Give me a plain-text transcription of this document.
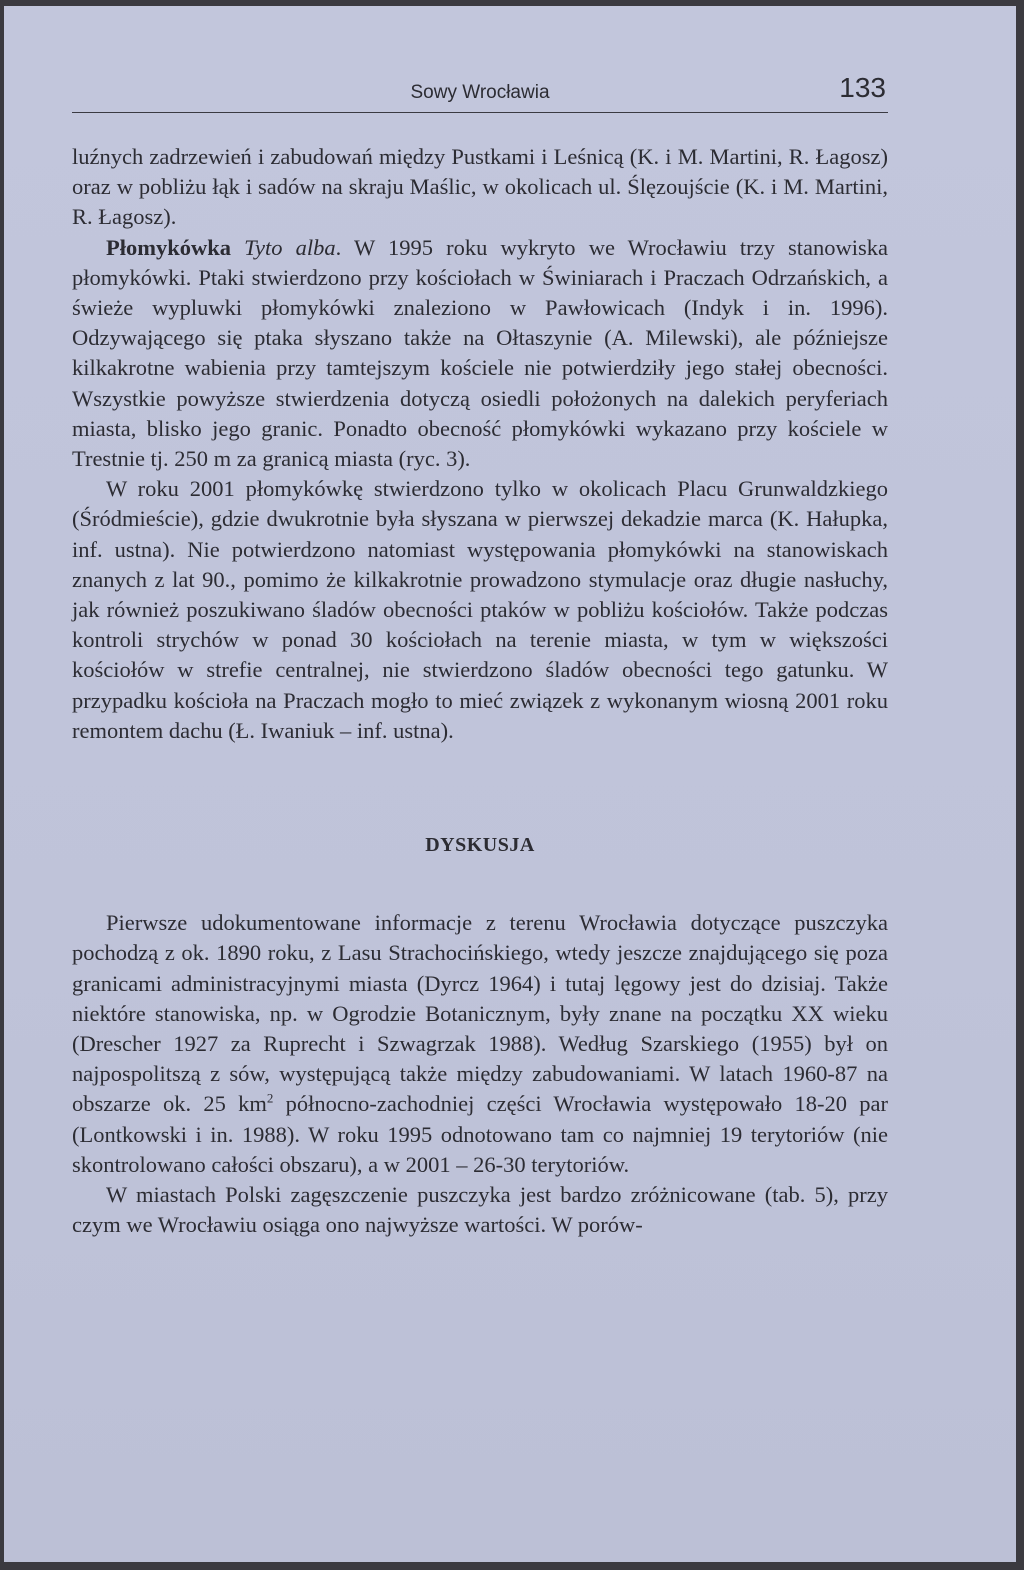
Sowy Wrocławia	133

luźnych zadrzewień i zabudowań między Pustkami i Leśnicą (K. i M. Martini, R. Łagosz) oraz w pobliżu łąk i sadów na skraju Maślic, w okolicach ul. Ślęzoujście (K. i M. Martini, R. Łagosz).

Płomykówka Tyto alba. W 1995 roku wykryto we Wrocławiu trzy stanowiska płomykówki. Ptaki stwierdzono przy kościołach w Świniarach i Praczach Odrzańskich, a świeże wypluwki płomykówki znaleziono w Pawłowicach (Indyk i in. 1996). Odzywającego się ptaka słyszano także na Ołtaszynie (A. Milewski), ale późniejsze kilkakrotne wabienia przy tamtejszym kościele nie potwierdziły jego stałej obecności. Wszystkie powyższe stwierdzenia dotyczą osiedli położonych na dalekich peryferiach miasta, blisko jego granic. Ponadto obecność płomykówki wykazano przy kościele w Trestnie tj. 250 m za granicą miasta (ryc. 3).

W roku 2001 płomykówkę stwierdzono tylko w okolicach Placu Grunwaldzkiego (Śródmieście), gdzie dwukrotnie była słyszana w pierwszej dekadzie marca (K. Hałupka, inf. ustna). Nie potwierdzono natomiast występowania płomykówki na stanowiskach znanych z lat 90., pomimo że kilkakrotnie prowadzono stymulacje oraz długie nasłuchy, jak również poszukiwano śladów obecności ptaków w pobliżu kościołów. Także podczas kontroli strychów w ponad 30 kościołach na terenie miasta, w tym w większości kościołów w strefie centralnej, nie stwierdzono śladów obecności tego gatunku. W przypadku kościoła na Praczach mogło to mieć związek z wykonanym wiosną 2001 roku remontem dachu (Ł. Iwaniuk – inf. ustna).

DYSKUSJA

Pierwsze udokumentowane informacje z terenu Wrocławia dotyczące puszczyka pochodzą z ok. 1890 roku, z Lasu Strachocińskiego, wtedy jeszcze znajdującego się poza granicami administracyjnymi miasta (Dyrcz 1964) i tutaj lęgowy jest do dzisiaj. Także niektóre stanowiska, np. w Ogrodzie Botanicznym, były znane na początku XX wieku (Drescher 1927 za Ruprecht i Szwagrzak 1988). Według Szarskiego (1955) był on najpospolitszą z sów, występującą także między zabudowaniami. W latach 1960-87 na obszarze ok. 25 $km^2$ północno-zachodniej części Wrocławia występowało 18-20 par (Lontkowski i in. 1988). W roku 1995 odnotowano tam co najmniej 19 terytoriów (nie skontrolowano całości obszaru), a w 2001 – 26-30 terytoriów.

W miastach Polski zagęszczenie puszczyka jest bardzo zróżnicowane (tab. 5), przy czym we Wrocławiu osiąga ono najwyższe wartości. W porów-
